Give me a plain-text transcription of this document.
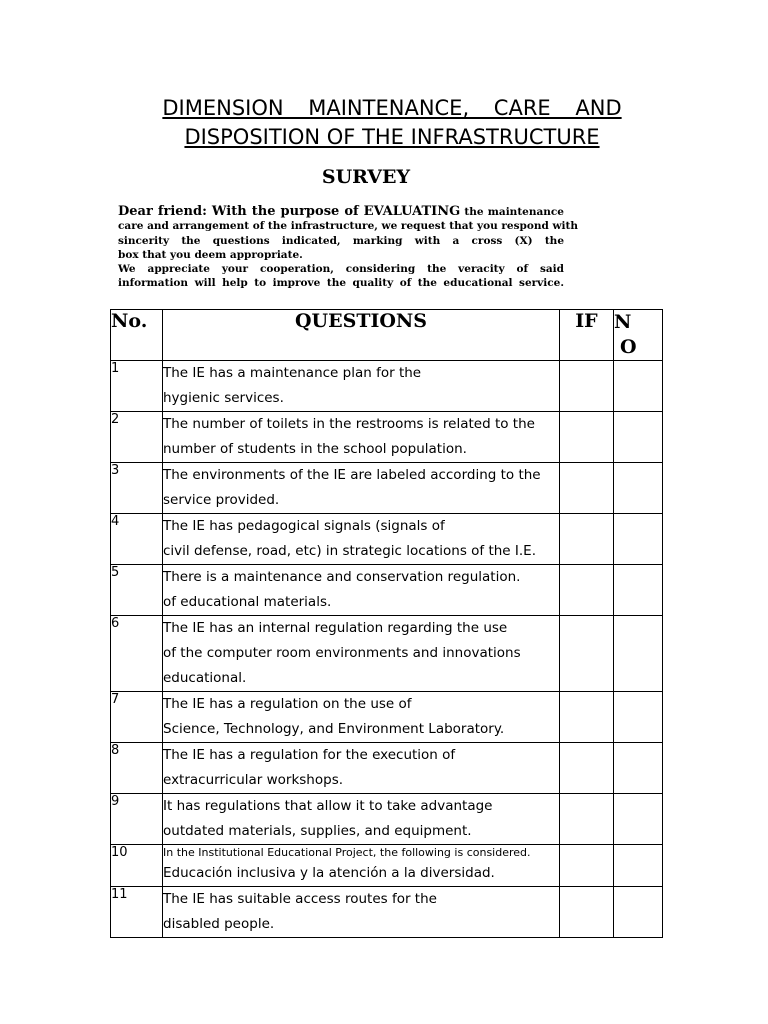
DIMENSION MAINTENANCE, CARE AND
DISPOSITION OF THE INFRASTRUCTURE
SURVEY
Dear friend: With the purpose of EVALUATING the maintenance
care and arrangement of the infrastructure, we request that you respond with
sincerity the questions indicated, marking with a cross (X) the
box that you deem appropriate.
We appreciate your cooperation, considering the veracity of said
information will help to improve the quality of the educational service.
No.	QUESTIONS	IF	N
O

1	The IE has a maintenance plan for the
hygienic services.		

2	The number of toilets in the restrooms is related to the
number of students in the school population.		

3	The environments of the IE are labeled according to the
service provided.		

4	The IE has pedagogical signals (signals of
civil defense, road, etc) in strategic locations of the I.E.		

5	There is a maintenance and conservation regulation.
of educational materials.		

6	The IE has an internal regulation regarding the use
of the computer room environments and innovations
educational.		

7	The IE has a regulation on the use of
Science, Technology, and Environment Laboratory.		

8	The IE has a regulation for the execution of
extracurricular workshops.		

9	It has regulations that allow it to take advantage
outdated materials, supplies, and equipment.		

10	In the Institutional Educational Project, the following is considered.
Educación inclusiva y la atención a la diversidad.		

11	The IE has suitable access routes for the
disabled people.		
